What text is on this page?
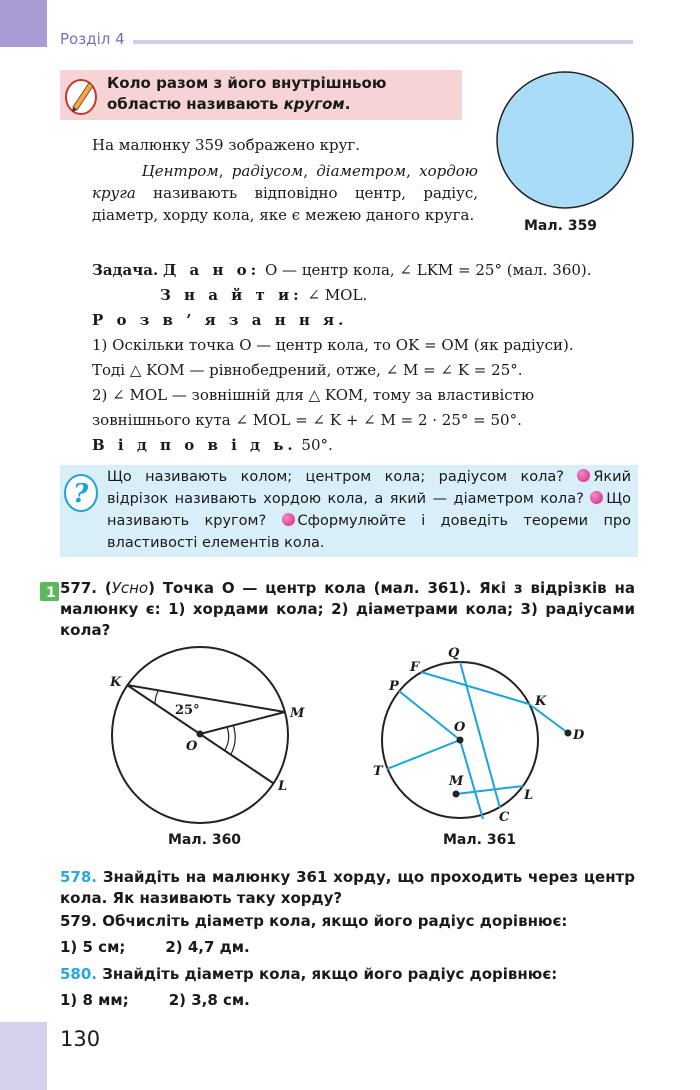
Розділ 4
Коло разом з його внутрішньою областю називають кругом.
На малюнку 359 зображено круг.
Центром, радіусом, діаметром, хордою круга називають відповідно центр, радіус, діаметр, хорду кола, яке є межею даного круга.
Мал. 359
Задача. Д а н о: O — центр кола, ∠ LKM = 25° (мал. 360).
З н а й т и: ∠ MOL.
Р о з в ’ я з а н н я.
1) Оскільки точка O — центр кола, то OK = OM (як радіуси).
Тоді △ KOM — рівнобедрений, отже, ∠ M = ∠ K = 25°.
2) ∠ MOL — зовнішній для △ KOM, тому за властивістю
зовнішнього кута ∠ MOL = ∠ K + ∠ M = 2 · 25° = 50°.
В і д п о в і д ь. 50°.
?
Що називають колом; центром кола; радіусом кола? Який відрізок називають хордою кола, а який — діаметром кола? Що називають кругом? Сформулюйте і доведіть теореми про властивості елементів кола.
1 577. (Усно) Точка O — центр кола (мал. 361). Які з відрізків на малюнку є: 1) хордами кола; 2) діаметрами кола; 3) радіусами кола?
K
M
O
L
25°
Мал. 360
F
Q
P
K
D
O
T
M
L
C
Мал. 361
578. Знайдіть на малюнку 361 хорду, що проходить через центр кола. Як називають таку хорду?
579. Обчисліть діаметр кола, якщо його радіус дорівнює:
1) 5 см;	2) 4,7 дм.
580. Знайдіть діаметр кола, якщо його радіус дорівнює:
1) 8 мм;	2) 3,8 см.
130
